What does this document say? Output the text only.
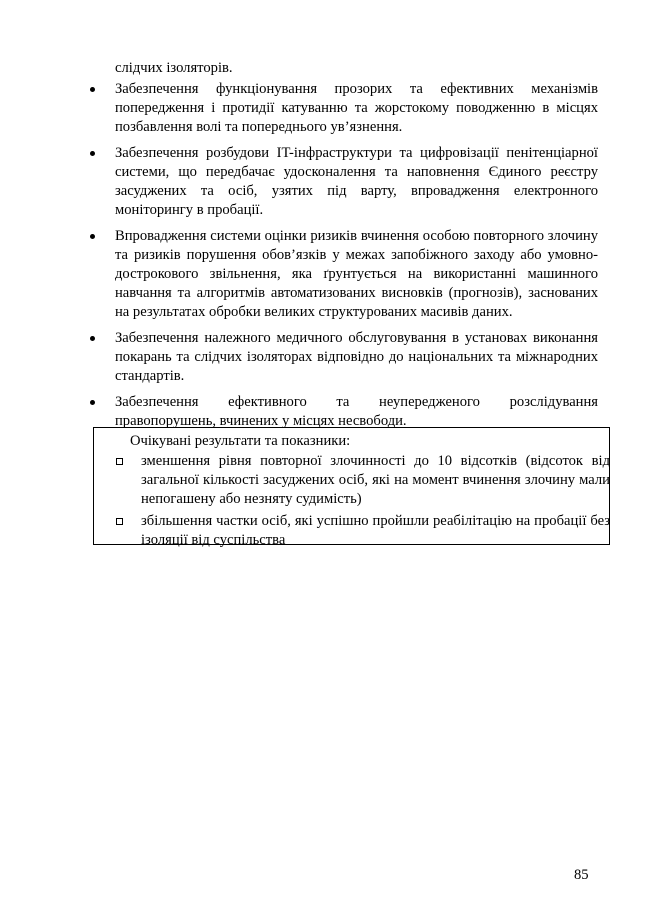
слідчих ізоляторів.
Забезпечення функціонування прозорих та ефективних механізмів попередження і протидії катуванню та жорстокому поводженню в місцях позбавлення волі та попереднього ув’язнення.
Забезпечення розбудови IT-інфраструктури та цифровізації пенітенціарної системи, що передбачає удосконалення та наповнення Єдиного реєстру засуджених та осіб, узятих під варту, впровадження електронного моніторингу в пробації.
Впровадження системи оцінки ризиків вчинення особою повторного злочину та ризиків порушення обов’язків у межах запобіжного заходу або умовно-дострокового звільнення, яка ґрунтується на використанні машинного навчання та алгоритмів автоматизованих висновків (прогнозів), заснованих на результатах обробки великих структурованих масивів даних.
Забезпечення належного медичного обслуговування в установах виконання покарань та слідчих ізоляторах відповідно до національних та міжнародних стандартів.
Забезпечення ефективного та неупередженого розслідування правопорушень, вчинених у місцях несвободи.
Очікувані результати та показники:
зменшення рівня повторної злочинності до 10 відсотків (відсоток від загальної кількості засуджених осіб, які на момент вчинення злочину мали непогашену або незняту судимість)
збільшення частки осіб, які успішно пройшли реабілітацію на пробації без ізоляції від суспільства
85
